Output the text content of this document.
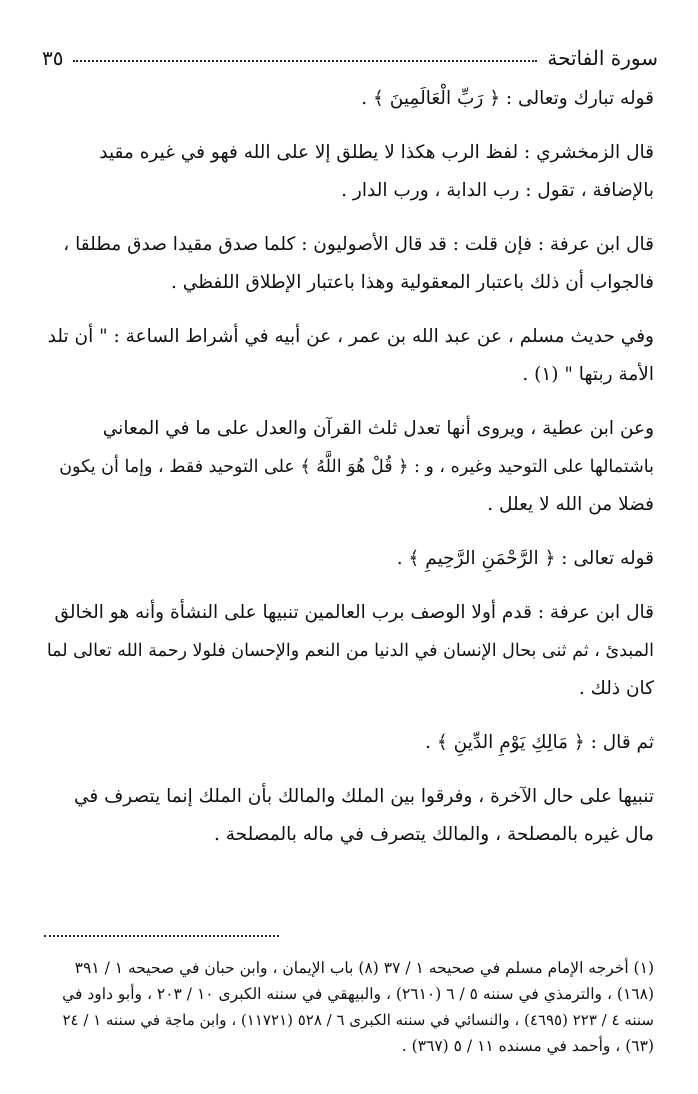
سورة الفاتحة
٣٥

قوله تبارك وتعالى : ﴿ رَبِّ الْعَالَمِينَ ﴾ .

قال الزمخشري : لفظ الرب هكذا لا يطلق إلا على الله فهو في غيره مقيد
بالإضافة ، تقول : رب الدابة ، ورب الدار .

قال ابن عرفة : فإن قلت : قد قال الأصوليون : كلما صدق مقيدا صدق مطلقا ،
فالجواب أن ذلك باعتبار المعقولية وهذا باعتبار الإطلاق اللفظي .

وفي حديث مسلم ، عن عبد الله بن عمر ، عن أبيه في أشراط الساعة : " أن تلد
الأمة ربتها " (١) .

وعن ابن عطية ، ويروى أنها تعدل ثلث القرآن والعدل على ما في المعاني
باشتمالها على التوحيد وغيره ، و : ﴿ قُلْ هُوَ اللَّهُ ﴾ على التوحيد فقط ، وإما أن يكون
فضلا من الله لا يعلل .

قوله تعالى : ﴿ الرَّحْمَنِ الرَّحِيمِ ﴾ .

قال ابن عرفة : قدم أولا الوصف برب العالمين تنبيها على النشأة وأنه هو الخالق
المبدئ ، ثم ثنى بحال الإنسان في الدنيا من النعم والإحسان فلولا رحمة الله تعالى لما
كان ذلك .

ثم قال : ﴿ مَالِكِ يَوْمِ الدِّينِ ﴾ .

تنبيها على حال الآخرة ، وفرقوا بين الملك والمالك بأن الملك إنما يتصرف في
مال غيره بالمصلحة ، والمالك يتصرف في ماله بالمصلحة .

(١) أخرجه الإمام مسلم في صحيحه ١ / ٣٧ (٨) باب الإيمان ، وابن حبان في صحيحه ١ / ٣٩١
(١٦٨) ، والترمذي في سننه ٥ / ٦ (٢٦١٠) ، والبيهقي في سننه الكبرى ١٠ / ٢٠٣ ، وأبو داود في
سننه ٤ / ٢٢٣ (٤٦٩٥) ، والنسائي في سننه الكبرى ٦ / ٥٢٨ (١١٧٢١) ، وابن ماجة في سننه ١ / ٢٤
(٦٣) ، وأحمد في مسنده ١١ / ٥ (٣٦٧) .
